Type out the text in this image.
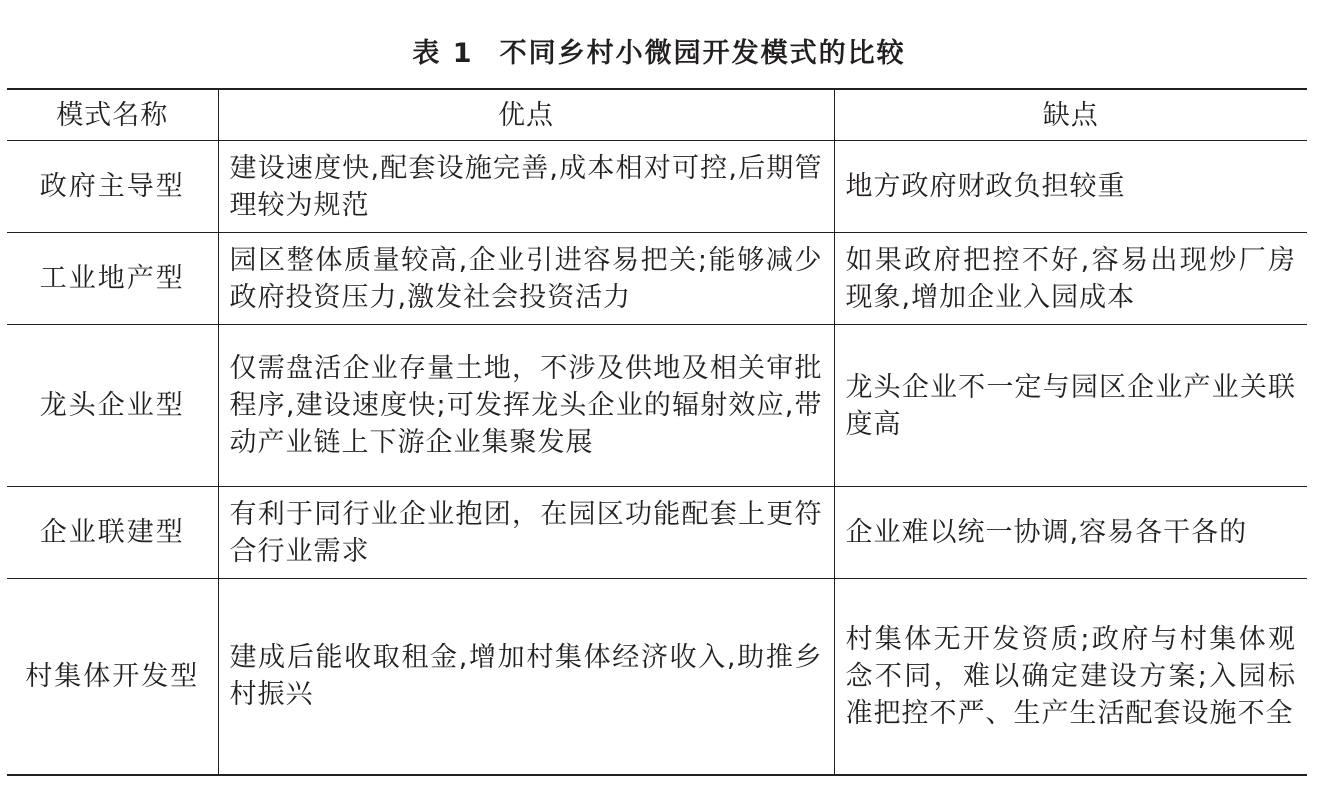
表 1 不同乡村小微园开发模式的比较
模式名称	优点	缺点
政府主导型	建设速度快,配套设施完善,成本相对可控,后期管理较为规范	地方政府财政负担较重
工业地产型	园区整体质量较高,企业引进容易把关;能够减少政府投资压力,激发社会投资活力	如果政府把控不好,容易出现炒厂房现象,增加企业入园成本
龙头企业型	仅需盘活企业存量土地，不涉及供地及相关审批程序,建设速度快;可发挥龙头企业的辐射效应,带动产业链上下游企业集聚发展	龙头企业不一定与园区企业产业关联度高
企业联建型	有利于同行业企业抱团，在园区功能配套上更符合行业需求	企业难以统一协调,容易各干各的
村集体开发型	建成后能收取租金,增加村集体经济收入,助推乡村振兴	村集体无开发资质;政府与村集体观念不同，难以确定建设方案;入园标准把控不严、生产生活配套设施不全
